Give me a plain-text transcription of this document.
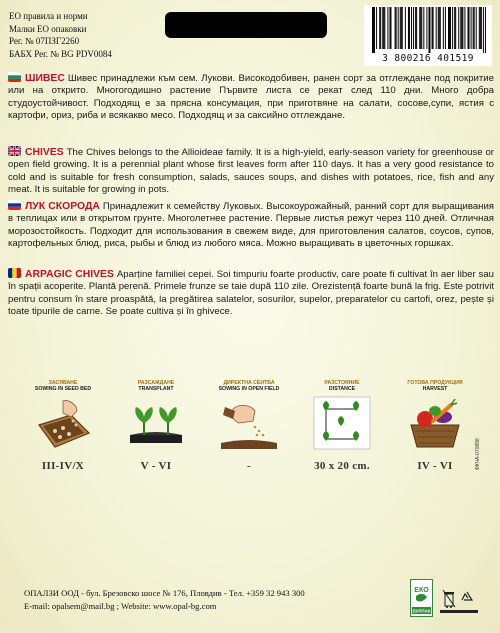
ЕО правила и норми
Малки ЕО опаковки
Рег. № 07ПЗГ2260
БАБХ Рег. № BG PDV0084	3 800216 401519
ШИВЕС Шивес принадлежи към сем. Лукови. Високодобивен, ранен сорт за отглеждане под покритие или на открито. Многогодишно растение Първите листа се рекат след 110 дни. Много добра студоустойчивост. Подходящ е за прясна консумация, при приготвяне на салати, сосове,супи, ястия с картофи, ориз, риба и всякакво месо. Подходящ и за саксийно отглеждане.
CHIVES The Chives belongs to the Allioideae family. It is a high-yield, early-season variety for greenhouse or open field growing. It is a perennial plant whose first leaves form after 110 days. It has a very good resistance to cold and is suitable for fresh consumption, salads, sauces soups, and dishes with potatoes, rice, fish and any meat. It is suitable for growing in pots.
ЛУК СКОРОДА Принадлежит к семейству Луковых. Высокоурожайный, ранний сорт для выращивания в теплицах или в открытом грунте. Многолетнее растение. Первые листья режут через 110 дней. Отличная морозостойкость. Подходит для использования в свежем виде, для приготовления салатов, соусов, супов, картофельных блюд, риса, рыбы и блюд из любого мяса. Можно выращивать в цветочных горшках.
ARPAGIC CHIVES Aparține familiei cepei. Soi timpuriu foarte productiv, care poate fi cultivat în aer liber sau în spații acoperite. Plantă perenă. Primele frunze se taie după 110 zile. Orezistență foarte bună la frig. Este potrivit pentru consum în stare proaspătă, la pregătirea salatelor, sosurilor, supelor, preparatelor cu cartofi, orez, pește și toate tipurile de carne. Se poate cultiva și în ghivece.
ЗАСЯВАНЕ
SOWING IN SEED BED
III-IV/X
РАЗСАЖДАНЕ
TRANSPLANT
V - VI
ДИРЕКТНА СЕИТБА
SOWING IN OPEN FIELD
-
РАЗСТОЯНИЕ
DISTANCE
30 x 20 cm.
ГОТОВА ПРОДУКЦИЯ
HARVEST
IV - VI	ФКЧА-070898
ОПАЛЗИ ООД - бул. Брезовско шосе № 176, Пловдив - Тел. +359 32 943 300
E-mail: opalsem@mail.bg ; Website: www.opal-bg.com
ЕКО
БУЛПАК
